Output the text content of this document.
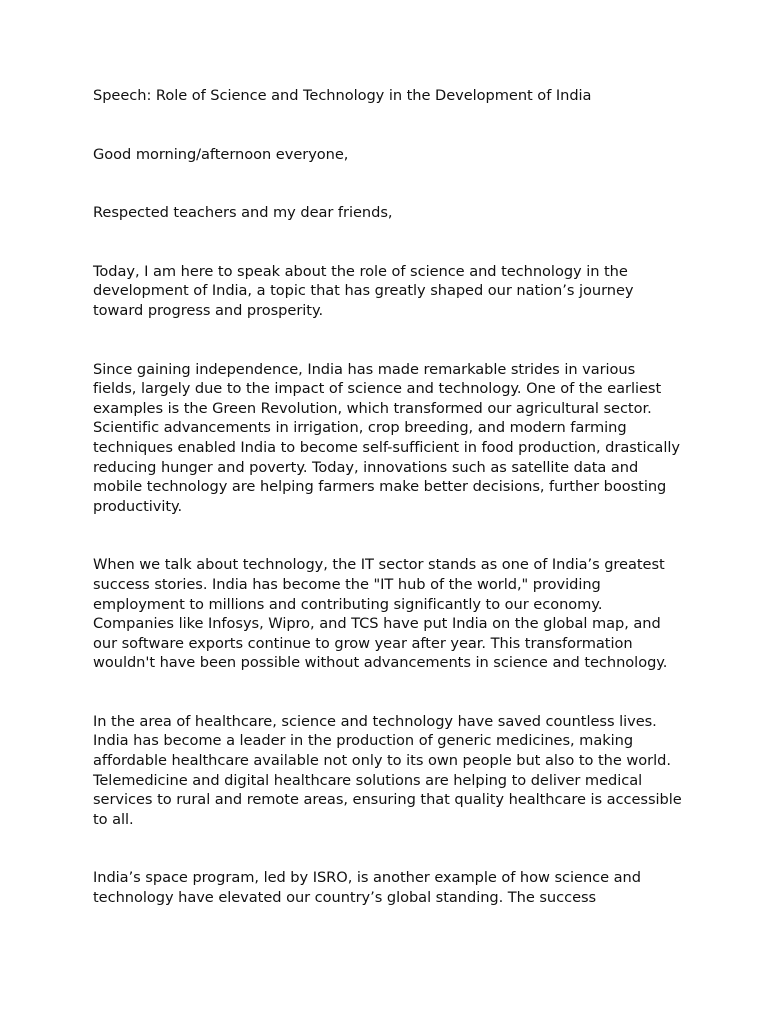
Speech: Role of Science and Technology in the Development of India

Good morning/afternoon everyone,

Respected teachers and my dear friends,

Today, I am here to speak about the role of science and technology in the development of India, a topic that has greatly shaped our nation’s journey toward progress and prosperity.

Since gaining independence, India has made remarkable strides in various fields, largely due to the impact of science and technology. One of the earliest examples is the Green Revolution, which transformed our agricultural sector. Scientific advancements in irrigation, crop breeding, and modern farming techniques enabled India to become self-sufficient in food production, drastically reducing hunger and poverty. Today, innovations such as satellite data and mobile technology are helping farmers make better decisions, further boosting productivity.

When we talk about technology, the IT sector stands as one of India’s greatest success stories. India has become the "IT hub of the world," providing employment to millions and contributing significantly to our economy. Companies like Infosys, Wipro, and TCS have put India on the global map, and our software exports continue to grow year after year. This transformation wouldn't have been possible without advancements in science and technology.

In the area of healthcare, science and technology have saved countless lives. India has become a leader in the production of generic medicines, making affordable healthcare available not only to its own people but also to the world. Telemedicine and digital healthcare solutions are helping to deliver medical services to rural and remote areas, ensuring that quality healthcare is accessible to all.

India’s space program, led by ISRO, is another example of how science and technology have elevated our country’s global standing. The success
